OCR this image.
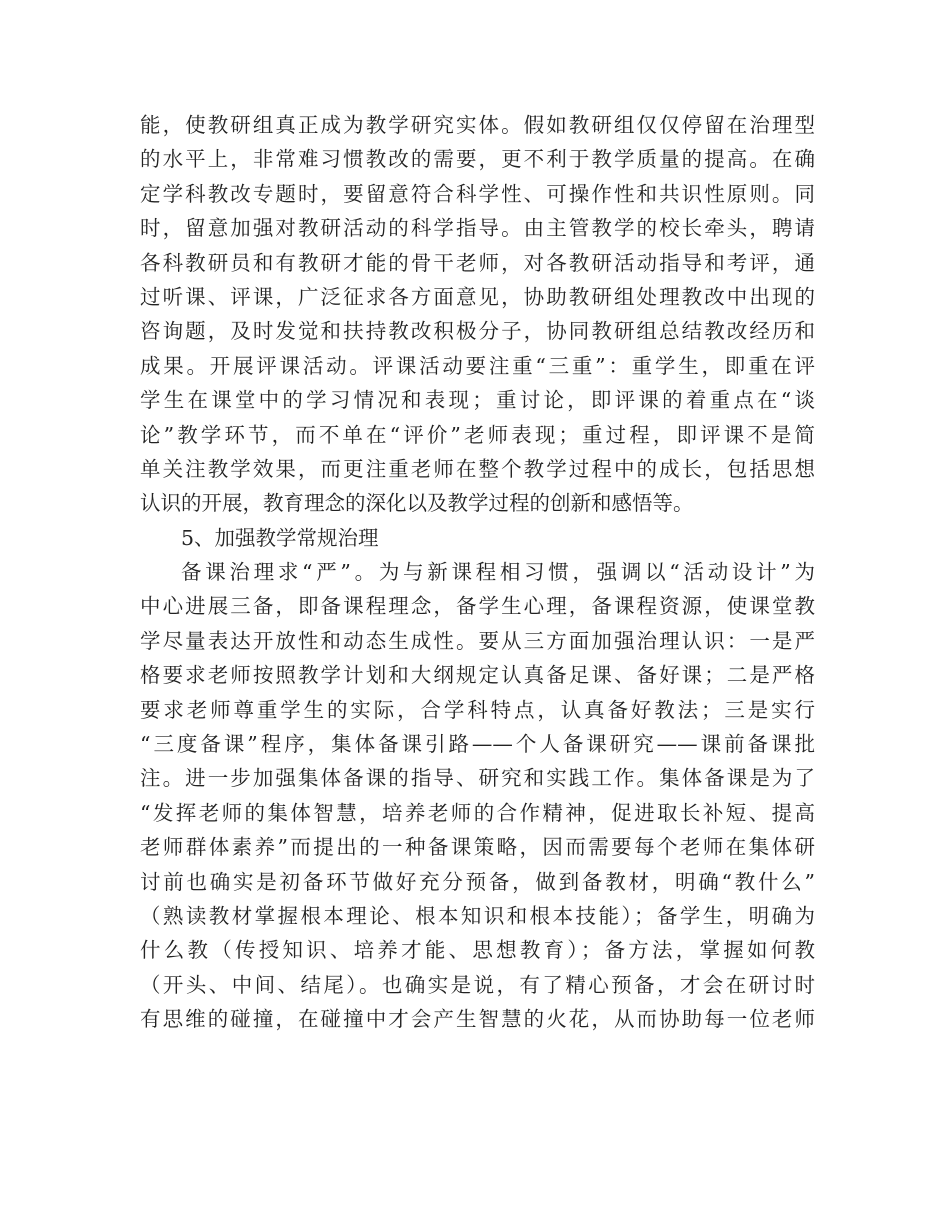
能，使教研组真正成为教学研究实体。假如教研组仅仅停留在治理型
的水平上，非常难习惯教改的需要，更不利于教学质量的提高。在确
定学科教改专题时，要留意符合科学性、可操作性和共识性原则。同
时，留意加强对教研活动的科学指导。由主管教学的校长牵头，聘请
各科教研员和有教研才能的骨干老师，对各教研活动指导和考评，通
过听课、评课，广泛征求各方面意见，协助教研组处理教改中出现的
咨询题，及时发觉和扶持教改积极分子，协同教研组总结教改经历和
成果。开展评课活动。评课活动要注重“三重”：重学生，即重在评
学生在课堂中的学习情况和表现；重讨论，即评课的着重点在“谈
论”教学环节，而不单在“评价”老师表现；重过程，即评课不是简
单关注教学效果，而更注重老师在整个教学过程中的成长，包括思想
认识的开展，教育理念的深化以及教学过程的创新和感悟等。
5、加强教学常规治理
备课治理求“严”。为与新课程相习惯，强调以“活动设计”为
中心进展三备，即备课程理念，备学生心理，备课程资源，使课堂教
学尽量表达开放性和动态生成性。要从三方面加强治理认识：一是严
格要求老师按照教学计划和大纲规定认真备足课、备好课；二是严格
要求老师尊重学生的实际，合学科特点，认真备好教法；三是实行
“三度备课”程序，集体备课引路——个人备课研究——课前备课批
注。进一步加强集体备课的指导、研究和实践工作。集体备课是为了
“发挥老师的集体智慧，培养老师的合作精神，促进取长补短、提高
老师群体素养”而提出的一种备课策略，因而需要每个老师在集体研
讨前也确实是初备环节做好充分预备，做到备教材，明确“教什么”
（熟读教材掌握根本理论、根本知识和根本技能）；备学生，明确为
什么教（传授知识、培养才能、思想教育）；备方法，掌握如何教
（开头、中间、结尾）。也确实是说，有了精心预备，才会在研讨时
有思维的碰撞，在碰撞中才会产生智慧的火花，从而协助每一位老师
